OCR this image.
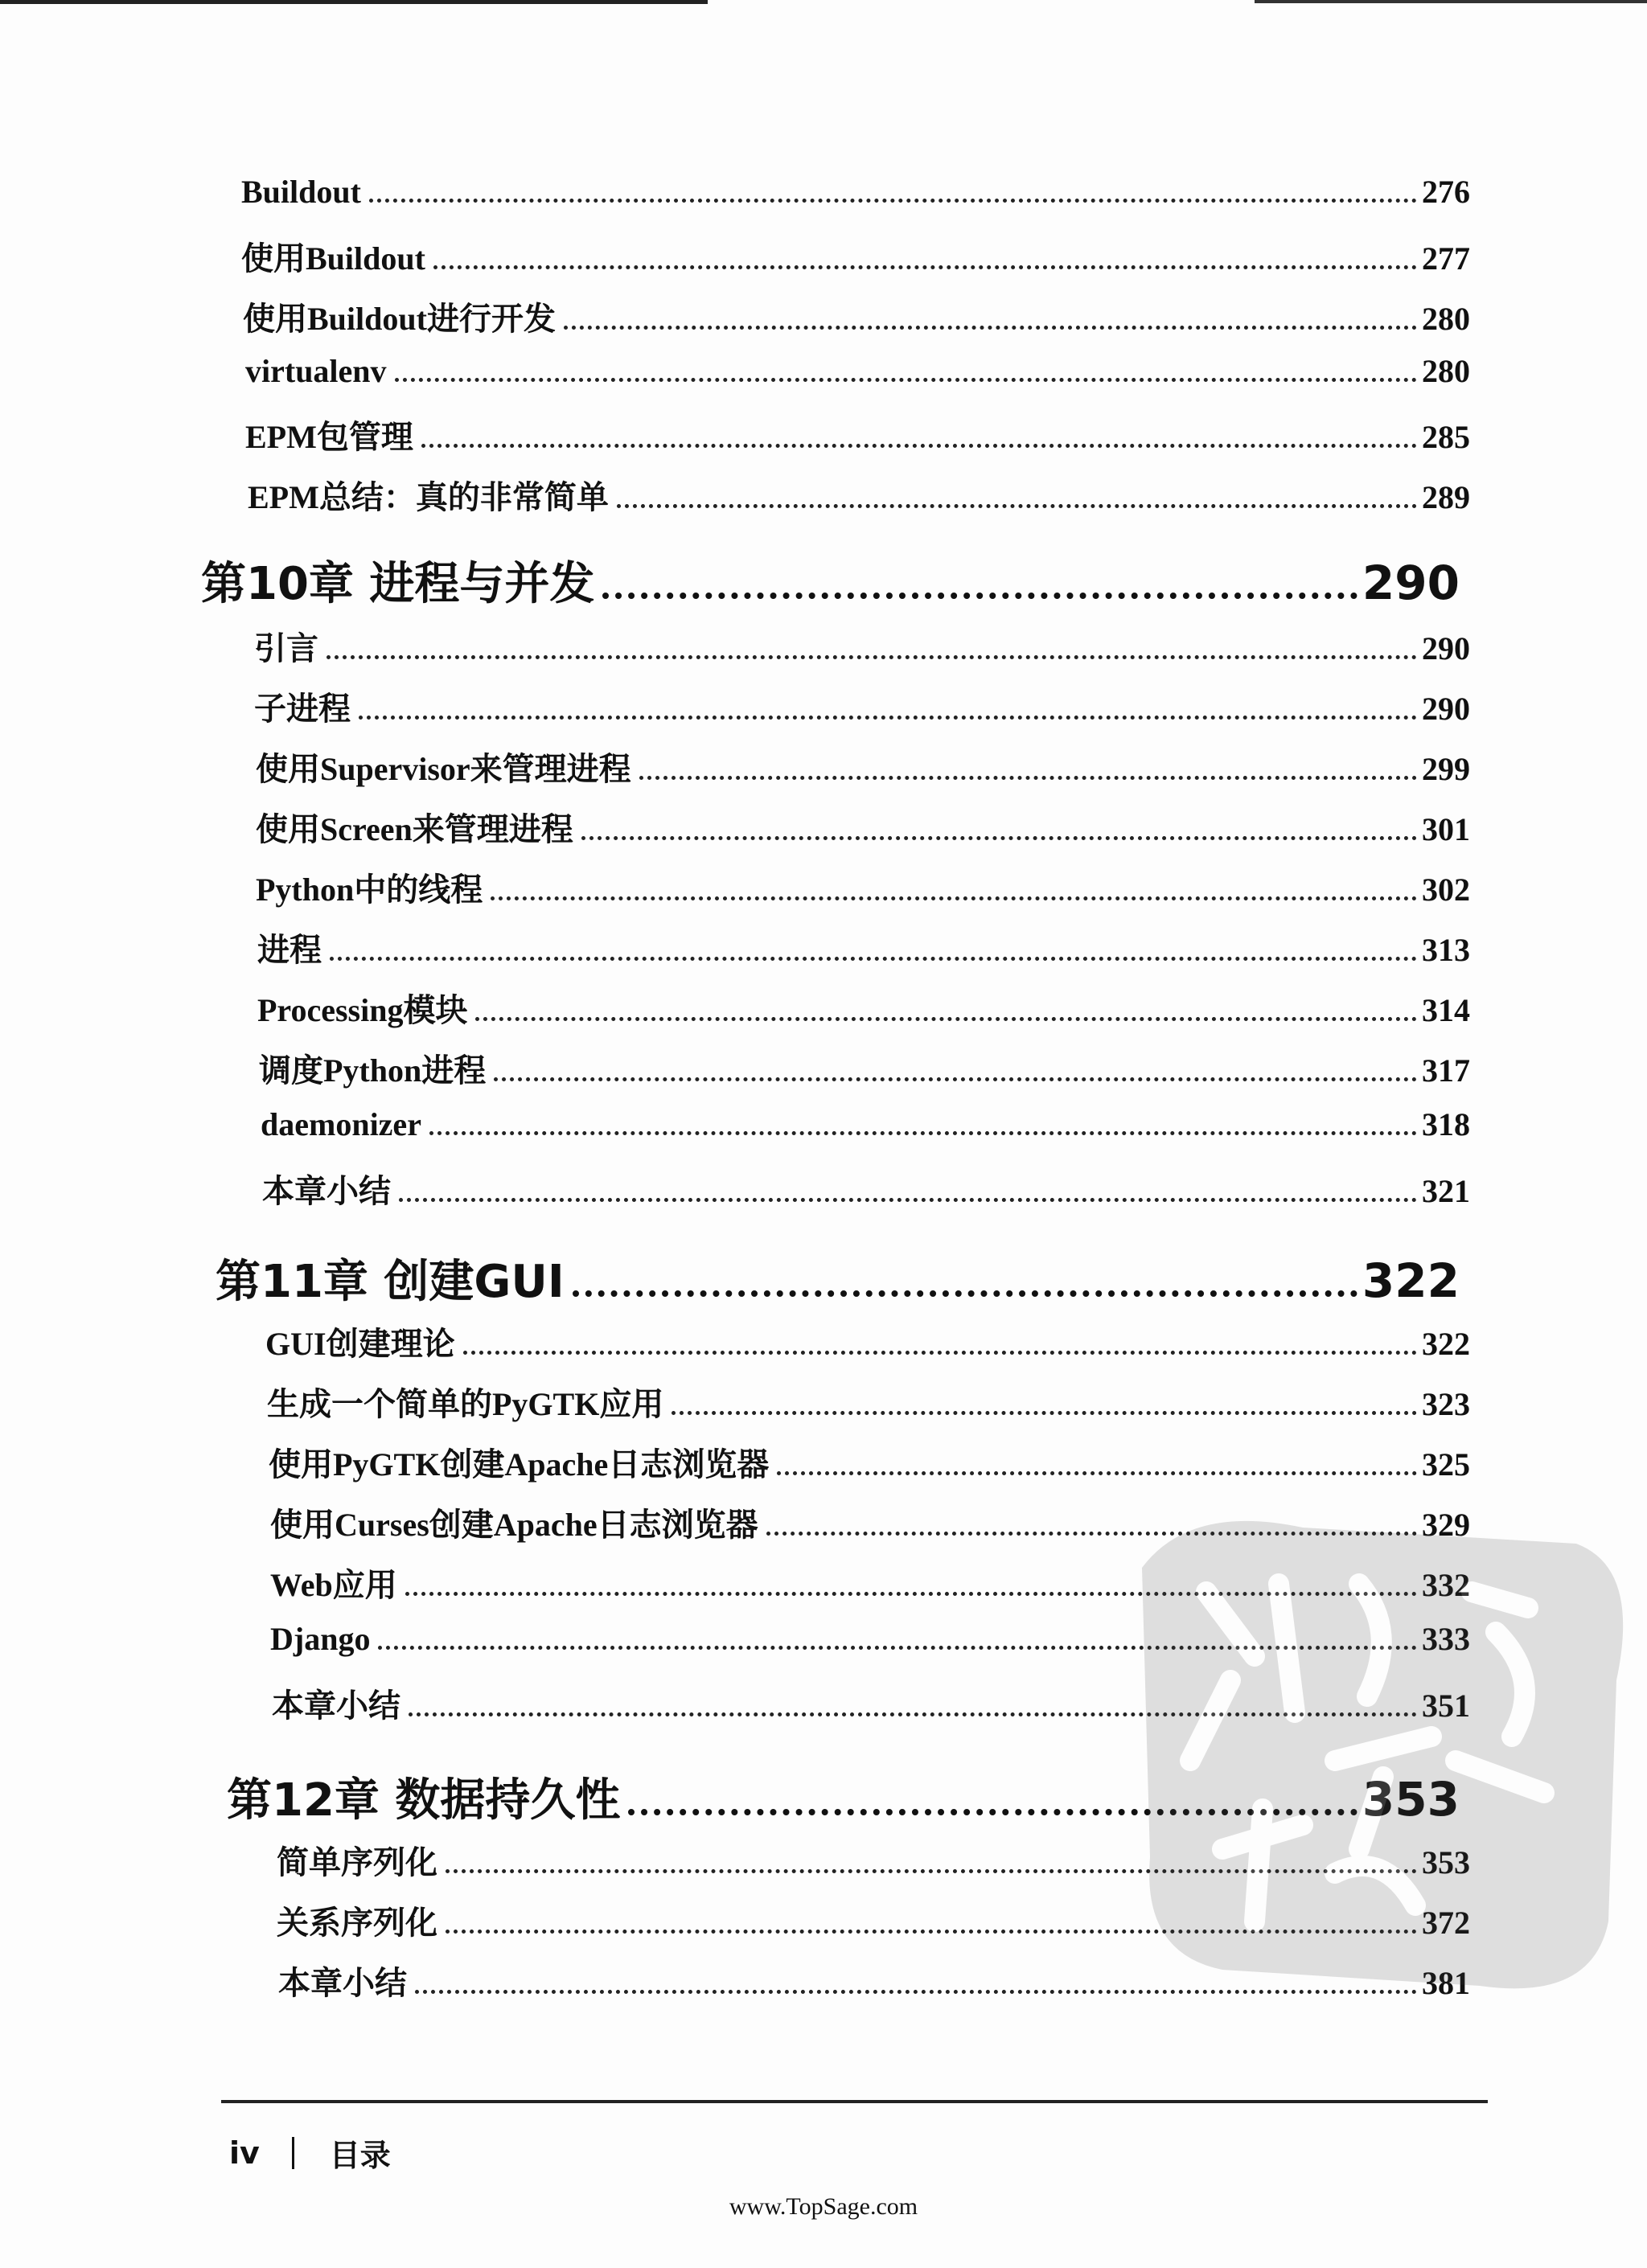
Buildout	276
使用Buildout	277
使用Buildout进行开发	280
virtualenv	280
EPM包管理	285
EPM总结：真的非常简单	289
第10章 进程与并发	290
引言	290
子进程	290
使用Supervisor来管理进程	299
使用Screen来管理进程	301
Python中的线程	302
进程	313
Processing模块	314
调度Python进程	317
daemonizer	318
本章小结	321
第11章 创建GUI	322
GUI创建理论	322
生成一个简单的PyGTK应用	323
使用PyGTK创建Apache日志浏览器	325
使用Curses创建Apache日志浏览器	329
Web应用	332
Django	333
本章小结	351
第12章 数据持久性	353
简单序列化	353
关系序列化	372
本章小结	381
iv 目录
www.TopSage.com
